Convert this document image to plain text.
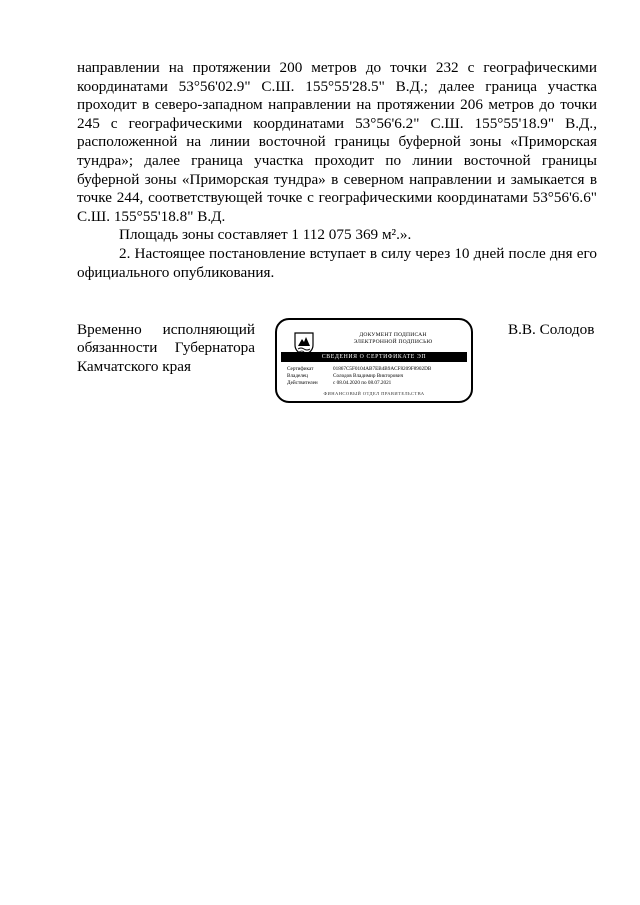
направлении на протяжении 200 метров до точки 232 с географическими координатами 53°56'02.9" С.Ш. 155°55'28.5" В.Д.; далее граница участка проходит в северо-западном направлении на протяжении 206 метров до точки 245 с географическими координатами 53°56'6.2" С.Ш. 155°55'18.9" В.Д., расположенной на линии восточной границы буферной зоны «Приморская тундра»; далее граница участка проходит по линии восточной границы буферной зоны «Приморская тундра» в северном направлении и замыкается в точке 244, соответствующей точке с географическими координатами 53°56'6.6" С.Ш. 155°55'18.8" В.Д.

Площадь зоны составляет 1 112 075 369 м².».

2. Настоящее постановление вступает в силу через 10 дней после дня его официального опубликования.

Временно исполняющий
обязанности Губернатора
Камчатского края
ДОКУМЕНТ ПОДПИСАН
ЭЛЕКТРОННОЙ ПОДПИСЬЮ
СВЕДЕНИЯ О СЕРТИФИКАТЕ ЭП
Сертификат	01867C5F0104AB7EB4B9ACF8209F8902DB
Владелец	Солодов Владимир Викторович
Действителен	с 08.04.2020 по 08.07.2021
ФИНАНСОВЫЙ ОТДЕЛ ПРАВИТЕЛЬСТВА
В.В. Солодов
